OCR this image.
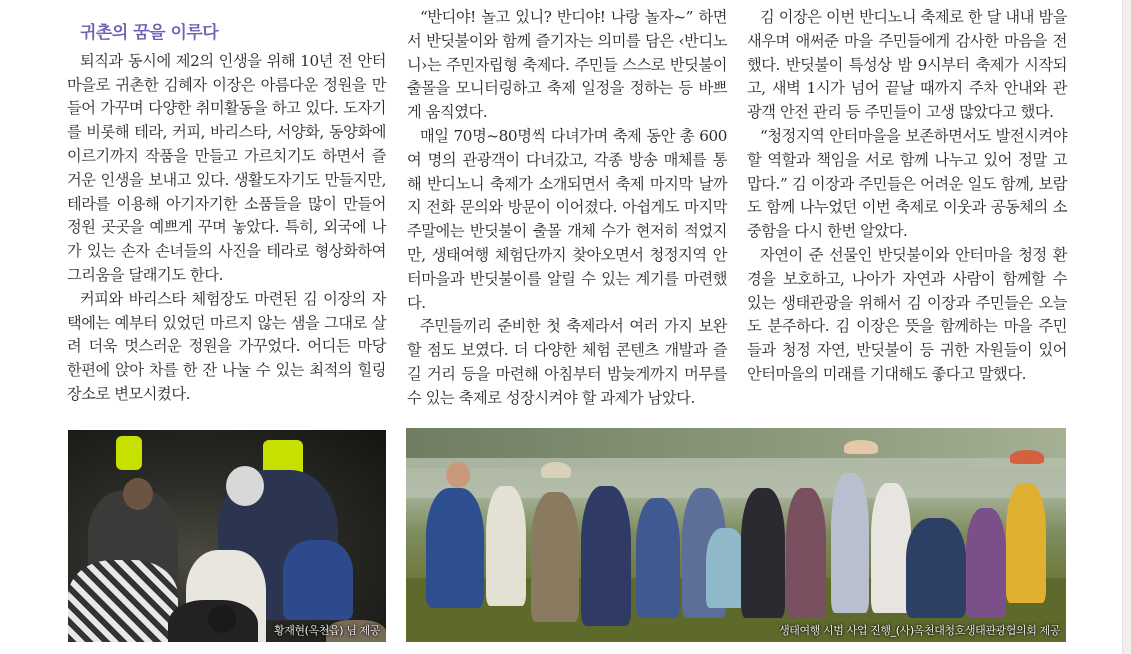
귀촌의 꿈을 이루다

퇴직과 동시에 제2의 인생을 위해 10년 전 안터마을로 귀촌한 김혜자 이장은 아름다운 정원을 만들어 가꾸며 다양한 취미활동을 하고 있다. 도자기를 비롯해 테라, 커피, 바리스타, 서양화, 동양화에 이르기까지 작품을 만들고 가르치기도 하면서 즐거운 인생을 보내고 있다. 생활도자기도 만들지만, 테라를 이용해 아기자기한 소품들을 많이 만들어 정원 곳곳을 예쁘게 꾸며 놓았다. 특히, 외국에 나가 있는 손자 손녀들의 사진을 테라로 형상화하여 그리움을 달래기도 한다.

커피와 바리스타 체험장도 마련된 김 이장의 자택에는 예부터 있었던 마르지 않는 샘을 그대로 살려 더욱 멋스러운 정원을 가꾸었다. 어디든 마당 한편에 앉아 차를 한 잔 나눌 수 있는 최적의 힐링 장소로 변모시켰다.

“반디야! 놀고 있니? 반디야! 나랑 놀자~” 하면서 반딧불이와 함께 즐기자는 의미를 담은 ‹반디노니›는 주민자립형 축제다. 주민들 스스로 반딧불이 출몰을 모니터링하고 축제 일정을 정하는 등 바쁘게 움직였다.

매일 70명~80명씩 다녀가며 축제 동안 총 600여 명의 관광객이 다녀갔고, 각종 방송 매체를 통해 반디노니 축제가 소개되면서 축제 마지막 날까지 전화 문의와 방문이 이어졌다. 아쉽게도 마지막 주말에는 반딧불이 출몰 개체 수가 현저히 적었지만, 생태여행 체험단까지 찾아오면서 청정지역 안터마을과 반딧불이를 알릴 수 있는 계기를 마련했다.

주민들끼리 준비한 첫 축제라서 여러 가지 보완할 점도 보였다. 더 다양한 체험 콘텐츠 개발과 즐길 거리 등을 마련해 아침부터 밤늦게까지 머무를 수 있는 축제로 성장시켜야 할 과제가 남았다.

김 이장은 이번 반디노니 축제로 한 달 내내 밤을 새우며 애써준 마을 주민들에게 감사한 마음을 전했다. 반딧불이 특성상 밤 9시부터 축제가 시작되고, 새벽 1시가 넘어 끝날 때까지 주차 안내와 관광객 안전 관리 등 주민들이 고생 많았다고 했다.

“청정지역 안터마을을 보존하면서도 발전시켜야 할 역할과 책임을 서로 함께 나누고 있어 정말 고맙다.” 김 이장과 주민들은 어려운 일도 함께, 보람도 함께 나누었던 이번 축제로 이웃과 공동체의 소중함을 다시 한번 알았다.

자연이 준 선물인 반딧불이와 안터마을 청정 환경을 보호하고, 나아가 자연과 사람이 함께할 수 있는 생태관광을 위해서 김 이장과 주민들은 오늘도 분주하다. 김 이장은 뜻을 함께하는 마을 주민들과 청정 자연, 반딧불이 등 귀한 자원들이 있어 안터마을의 미래를 기대해도 좋다고 말했다.

황재현(옥천읍) 님 제공	생태여행 시범 사업 진행_(사)옥천대청호생태관광협의회 제공
